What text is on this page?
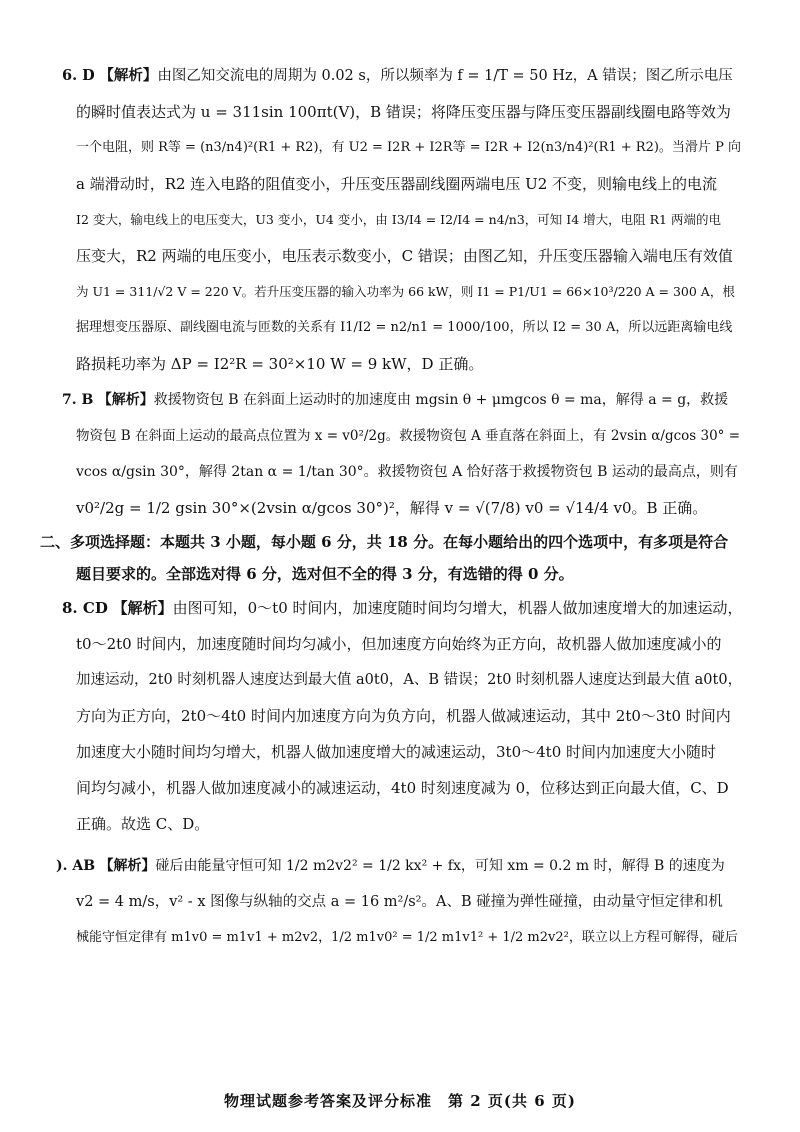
6. D 【解析】由图乙知交流电的周期为 0.02 s，所以频率为 f = 1/T = 50 Hz，A 错误；图乙所示电压
的瞬时值表达式为 u = 311sin 100πt(V)，B 错误；将降压变压器与降压变压器副线圈电路等效为
一个电阻，则 R等 = (n3/n4)²(R1 + R2)，有 U2 = I2R + I2R等 = I2R + I2(n3/n4)²(R1 + R2)。当滑片 P 向
a 端滑动时，R2 连入电路的阻值变小，升压变压器副线圈两端电压 U2 不变，则输电线上的电流
I2 变大，输电线上的电压变大，U3 变小，U4 变小，由 I3/I4 = I2/I4 = n4/n3，可知 I4 增大，电阻 R1 两端的电
压变大，R2 两端的电压变小，电压表示数变小，C 错误；由图乙知，升压变压器输入端电压有效值
为 U1 = 311/√2 V = 220 V。若升压变压器的输入功率为 66 kW，则 I1 = P1/U1 = 66×10³/220 A = 300 A，根
据理想变压器原、副线圈电流与匝数的关系有 I1/I2 = n2/n1 = 1000/100，所以 I2 = 30 A，所以远距离输电线
路损耗功率为 ΔP = I2²R = 30²×10 W = 9 kW，D 正确。
7. B 【解析】救援物资包 B 在斜面上运动时的加速度由 mgsin θ + μmgcos θ = ma，解得 a = g，救援
物资包 B 在斜面上运动的最高点位置为 x = v0²/2g。救援物资包 A 垂直落在斜面上，有 2vsin α/gcos 30° =
vcos α/gsin 30°，解得 2tan α = 1/tan 30°。救援物资包 A 恰好落于救援物资包 B 运动的最高点，则有
v0²/2g = 1/2 gsin 30°×(2vsin α/gcos 30°)²，解得 v = √(7/8) v0 = √14/4 v0。B 正确。
二、多项选择题：本题共 3 小题，每小题 6 分，共 18 分。在每小题给出的四个选项中，有多项是符合
题目要求的。全部选对得 6 分，选对但不全的得 3 分，有选错的得 0 分。
8. CD 【解析】由图可知，0～t0 时间内，加速度随时间均匀增大，机器人做加速度增大的加速运动，
t0～2t0 时间内，加速度随时间均匀减小，但加速度方向始终为正方向，故机器人做加速度减小的
加速运动，2t0 时刻机器人速度达到最大值 a0t0，A、B 错误；2t0 时刻机器人速度达到最大值 a0t0，
方向为正方向，2t0～4t0 时间内加速度方向为负方向，机器人做减速运动，其中 2t0～3t0 时间内
加速度大小随时间均匀增大，机器人做加速度增大的减速运动，3t0～4t0 时间内加速度大小随时
间均匀减小，机器人做加速度减小的减速运动，4t0 时刻速度减为 0，位移达到正向最大值，C、D
正确。故选 C、D。
). AB 【解析】碰后由能量守恒可知 1/2 m2v2² = 1/2 kx² + fx，可知 xm = 0.2 m 时，解得 B 的速度为
v2 = 4 m/s，v² - x 图像与纵轴的交点 a = 16 m²/s²。A、B 碰撞为弹性碰撞，由动量守恒定律和机
械能守恒定律有 m1v0 = m1v1 + m2v2，1/2 m1v0² = 1/2 m1v1² + 1/2 m2v2²，联立以上方程可解得，碰后
物理试题参考答案及评分标准　第 2 页(共 6 页)
